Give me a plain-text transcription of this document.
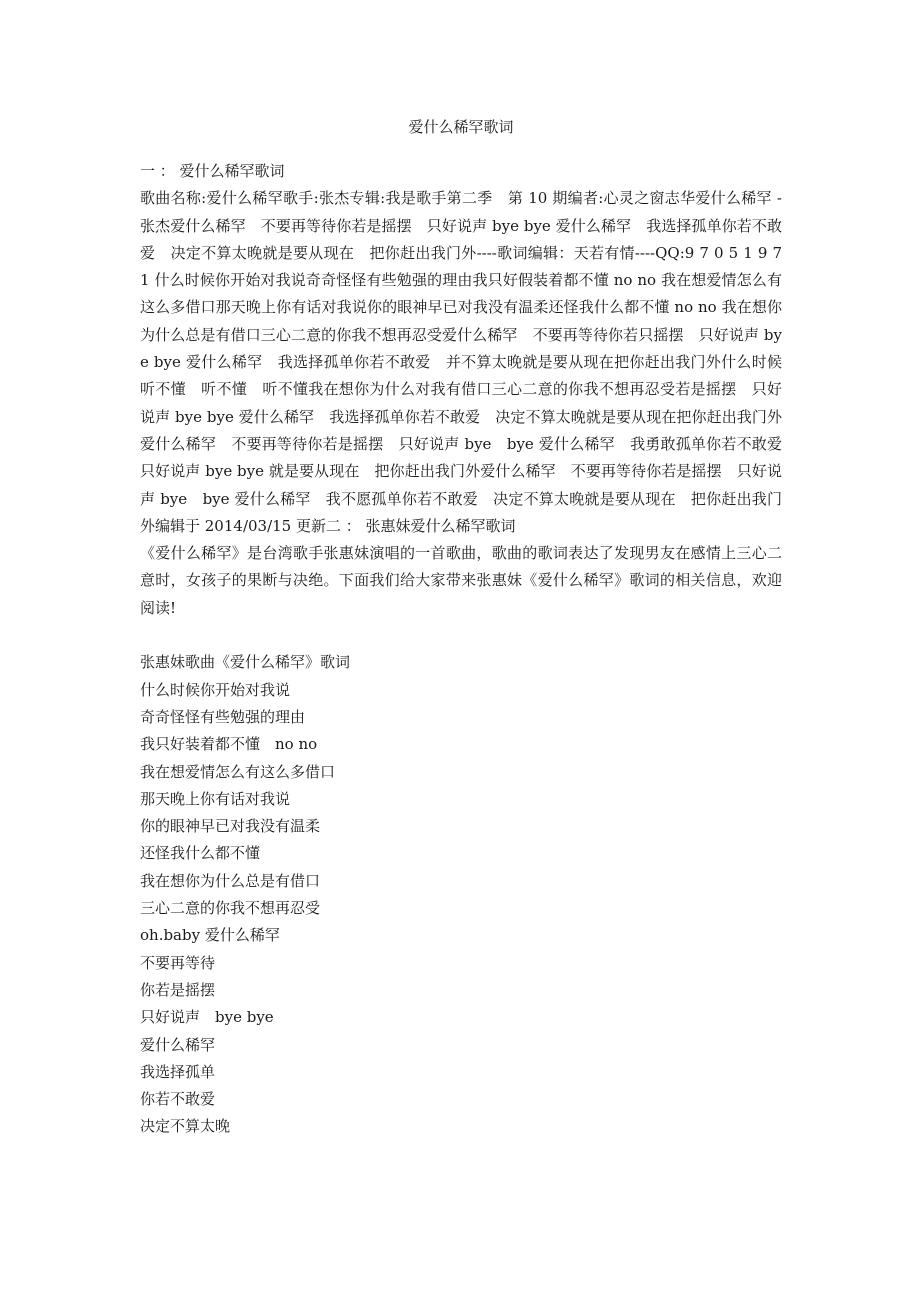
爱什么稀罕歌词

一 ： 爱什么稀罕歌词

歌曲名称:爱什么稀罕歌手:张杰专辑:我是歌手第二季　第 10 期编者:心灵之窗志华爱什么稀罕 - 张杰爱什么稀罕　不要再等待你若是摇摆　只好说声 bye bye 爱什么稀罕　我选择孤单你若不敢爱　决定不算太晚就是要从现在　把你赶出我门外----歌词编辑：天若有情----QQ:9 7 0 5 1 9 7 1 什么时候你开始对我说奇奇怪怪有些勉强的理由我只好假装着都不懂 no no 我在想爱情怎么有这么多借口那天晚上你有话对我说你的眼神早已对我没有温柔还怪我什么都不懂 no no 我在想你为什么总是有借口三心二意的你我不想再忍受爱什么稀罕　不要再等待你若只摇摆　只好说声 bye bye 爱什么稀罕　我选择孤单你若不敢爱　并不算太晚就是要从现在把你赶出我门外什么时候听不懂　听不懂　听不懂我在想你为什么对我有借口三心二意的你我不想再忍受若是摇摆　只好说声 bye bye 爱什么稀罕　我选择孤单你若不敢爱　决定不算太晚就是要从现在把你赶出我门外爱什么稀罕　不要再等待你若是摇摆　只好说声 bye　bye 爱什么稀罕　我勇敢孤单你若不敢爱　只好说声 bye bye 就是要从现在　把你赶出我门外爱什么稀罕　不要再等待你若是摇摆　只好说声 bye　bye 爱什么稀罕　我不愿孤单你若不敢爱　决定不算太晚就是要从现在　把你赶出我门外编辑于 2014/03/15 更新二 ： 张惠妹爱什么稀罕歌词

《爱什么稀罕》是台湾歌手张惠妹演唱的一首歌曲，歌曲的歌词表达了发现男友在感情上三心二意时，女孩子的果断与决绝。下面我们给大家带来张惠妹《爱什么稀罕》歌词的相关信息，欢迎阅读!

张惠妹歌曲《爱什么稀罕》歌词

什么时候你开始对我说
奇奇怪怪有些勉强的理由
我只好装着都不懂　no no
我在想爱情怎么有这么多借口
那天晚上你有话对我说
你的眼神早已对我没有温柔
还怪我什么都不懂
我在想你为什么总是有借口
三心二意的你我不想再忍受
oh.baby 爱什么稀罕
不要再等待
你若是摇摆
只好说声　bye bye
爱什么稀罕
我选择孤单
你若不敢爱
决定不算太晚
